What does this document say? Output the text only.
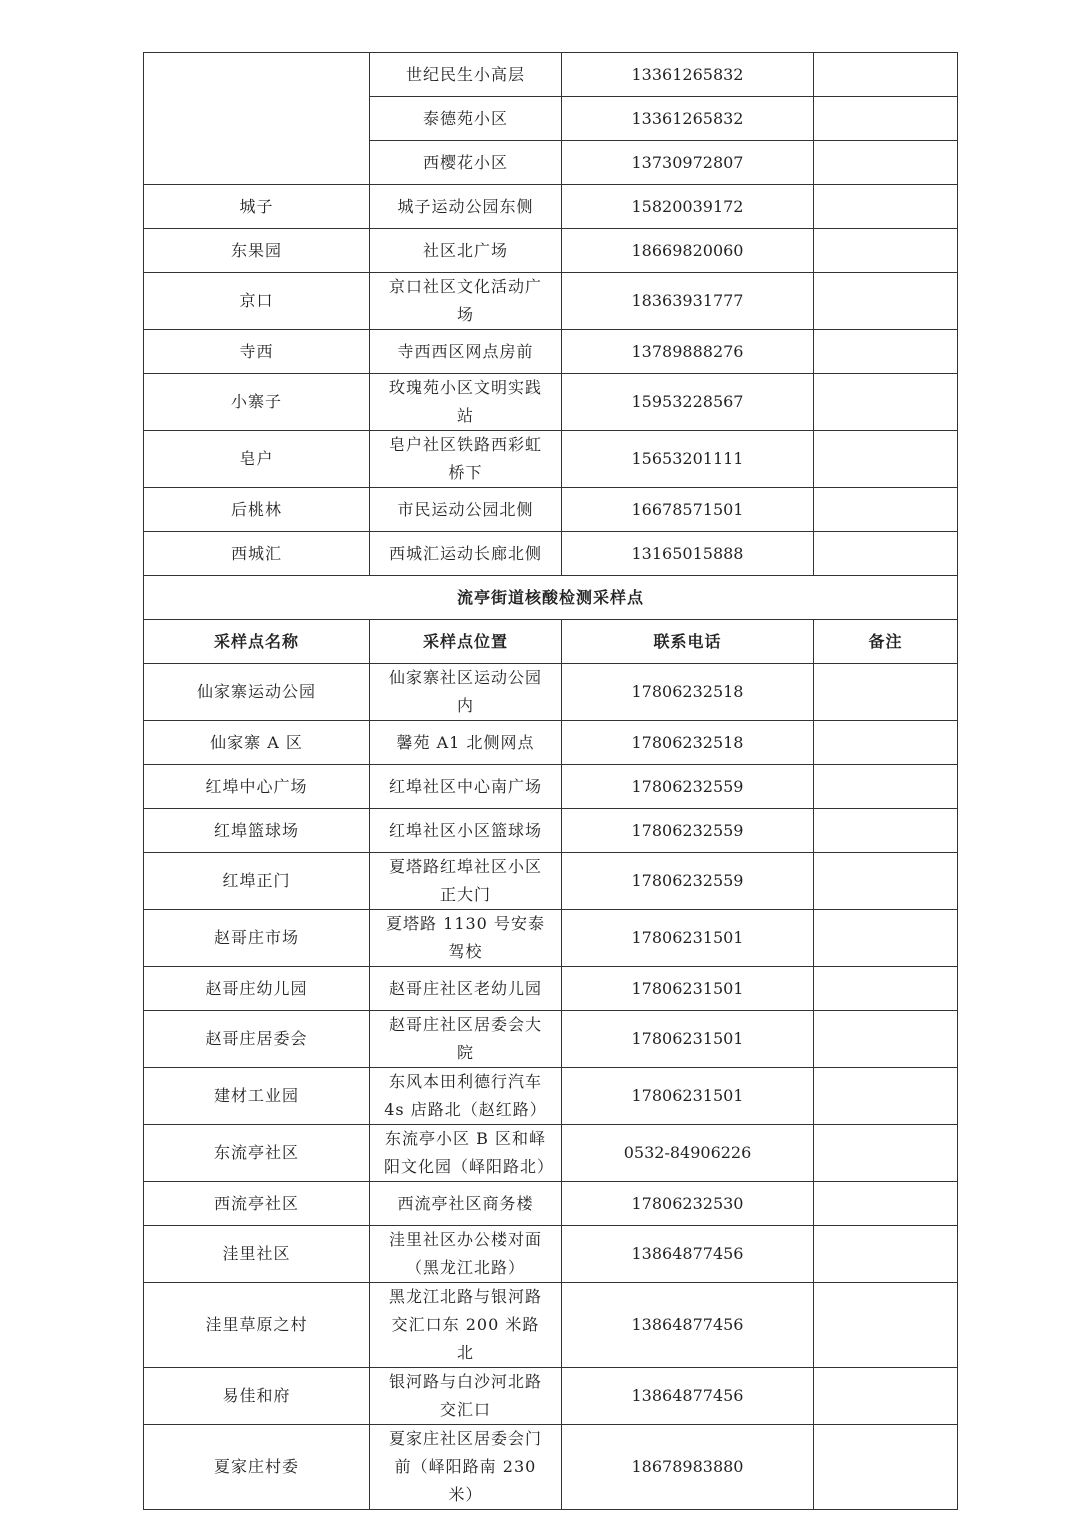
	世纪民生小高层	13361265832	
	泰德苑小区	13361265832	
	西樱花小区	13730972807	
城子	城子运动公园东侧	15820039172	
东果园	社区北广场	18669820060	
京口	京口社区文化活动广场	18363931777	
寺西	寺西西区网点房前	13789888276	
小寨子	玫瑰苑小区文明实践站	15953228567	
皂户	皂户社区铁路西彩虹桥下	15653201111	
后桃林	市民运动公园北侧	16678571501	
西城汇	西城汇运动长廊北侧	13165015888	
流亭街道核酸检测采样点			
采样点名称	采样点位置	联系电话	备注
仙家寨运动公园	仙家寨社区运动公园内	17806232518	
仙家寨 A 区	馨苑 A1 北侧网点	17806232518	
红埠中心广场	红埠社区中心南广场	17806232559	
红埠篮球场	红埠社区小区篮球场	17806232559	
红埠正门	夏塔路红埠社区小区正大门	17806232559	
赵哥庄市场	夏塔路 1130 号安泰驾校	17806231501	
赵哥庄幼儿园	赵哥庄社区老幼儿园	17806231501	
赵哥庄居委会	赵哥庄社区居委会大院	17806231501	
建材工业园	东风本田利德行汽车 4s 店路北（赵红路）	17806231501	
东流亭社区	东流亭小区 B 区和峄阳文化园（峄阳路北）	0532-84906226	
西流亭社区	西流亭社区商务楼	17806232530	
洼里社区	洼里社区办公楼对面（黑龙江北路）	13864877456	
洼里草原之村	黑龙江北路与银河路交汇口东 200 米路北	13864877456	
易佳和府	银河路与白沙河北路交汇口	13864877456	
夏家庄村委	夏家庄社区居委会门前（峄阳路南 230 米）	18678983880	
